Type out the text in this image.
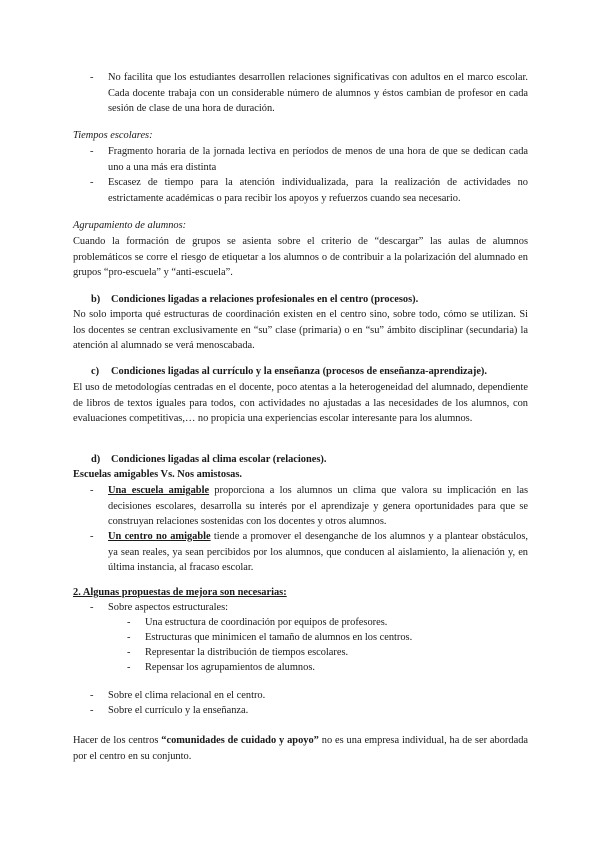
- No facilita que los estudiantes desarrollen relaciones significativas con adultos en el marco escolar. Cada docente trabaja con un considerable número de alumnos y éstos cambian de profesor en cada sesión de clase de una hora de duración.
Tiempos escolares:
- Fragmento horaria de la jornada lectiva en períodos de menos de una hora de que se dedican cada uno a una más era distinta
- Escasez de tiempo para la atención individualizada, para la realización de actividades no estrictamente académicas o para recibir los apoyos y refuerzos cuando sea necesario.
Agrupamiento de alumnos:
Cuando la formación de grupos se asienta sobre el criterio de “descargar” las aulas de alumnos problemáticos se corre el riesgo de etiquetar a los alumnos o de contribuir a la polarización del alumnado en grupos “pro-escuela” y “anti-escuela”.
b) Condiciones ligadas a relaciones profesionales en el centro (procesos).
No solo importa qué estructuras de coordinación existen en el centro sino, sobre todo, cómo se utilizan. Si los docentes se centran exclusivamente en “su” clase (primaria) o en “su” ámbito disciplinar (secundaria) la atención al alumnado se verá menoscabada.
c) Condiciones ligadas al currículo y la enseñanza (procesos de enseñanza-aprendizaje).
El uso de metodologías centradas en el docente, poco atentas a la heterogeneidad del alumnado, dependiente de libros de textos iguales para todos, con actividades no ajustadas a las necesidades de los alumnos, con evaluaciones competitivas,… no propicia una experiencias escolar interesante para los alumnos.
d) Condiciones ligadas al clima escolar (relaciones).
Escuelas amigables Vs. Nos amistosas.
- Una escuela amigable proporciona a los alumnos un clima que valora su implicación en las decisiones escolares, desarrolla su interés por el aprendizaje y genera oportunidades para que se construyan relaciones sostenidas con los docentes y otros alumnos.
- Un centro no amigable tiende a promover el desenganche de los alumnos y a plantear obstáculos, ya sean reales, ya sean percibidos por los alumnos, que conducen al aislamiento, la alienación y, en última instancia, al fracaso escolar.
2. Algunas propuestas de mejora son necesarias:
- Sobre aspectos estructurales:
- Una estructura de coordinación por equipos de profesores.
- Estructuras que minimicen el tamaño de alumnos en los centros.
- Representar la distribución de tiempos escolares.
- Repensar los agrupamientos de alumnos.
- Sobre el clima relacional en el centro.
- Sobre el currículo y la enseñanza.
Hacer de los centros “comunidades de cuidado y apoyo” no es una empresa individual, ha de ser abordada por el centro en su conjunto.
